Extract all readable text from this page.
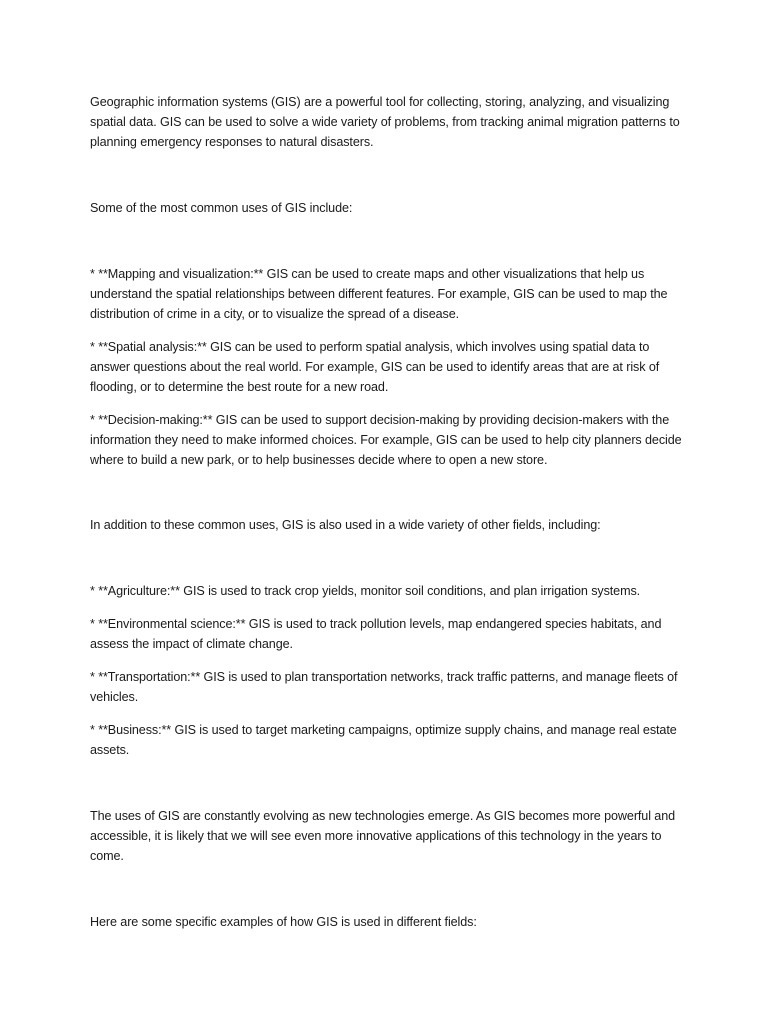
Geographic information systems (GIS) are a powerful tool for collecting, storing, analyzing, and visualizing spatial data. GIS can be used to solve a wide variety of problems, from tracking animal migration patterns to planning emergency responses to natural disasters.

Some of the most common uses of GIS include:

* **Mapping and visualization:** GIS can be used to create maps and other visualizations that help us understand the spatial relationships between different features. For example, GIS can be used to map the distribution of crime in a city, or to visualize the spread of a disease.

* **Spatial analysis:** GIS can be used to perform spatial analysis, which involves using spatial data to answer questions about the real world. For example, GIS can be used to identify areas that are at risk of flooding, or to determine the best route for a new road.

* **Decision-making:** GIS can be used to support decision-making by providing decision-makers with the information they need to make informed choices. For example, GIS can be used to help city planners decide where to build a new park, or to help businesses decide where to open a new store.

In addition to these common uses, GIS is also used in a wide variety of other fields, including:

* **Agriculture:** GIS is used to track crop yields, monitor soil conditions, and plan irrigation systems.

* **Environmental science:** GIS is used to track pollution levels, map endangered species habitats, and assess the impact of climate change.

* **Transportation:** GIS is used to plan transportation networks, track traffic patterns, and manage fleets of vehicles.

* **Business:** GIS is used to target marketing campaigns, optimize supply chains, and manage real estate assets.

The uses of GIS are constantly evolving as new technologies emerge. As GIS becomes more powerful and accessible, it is likely that we will see even more innovative applications of this technology in the years to come.

Here are some specific examples of how GIS is used in different fields:
